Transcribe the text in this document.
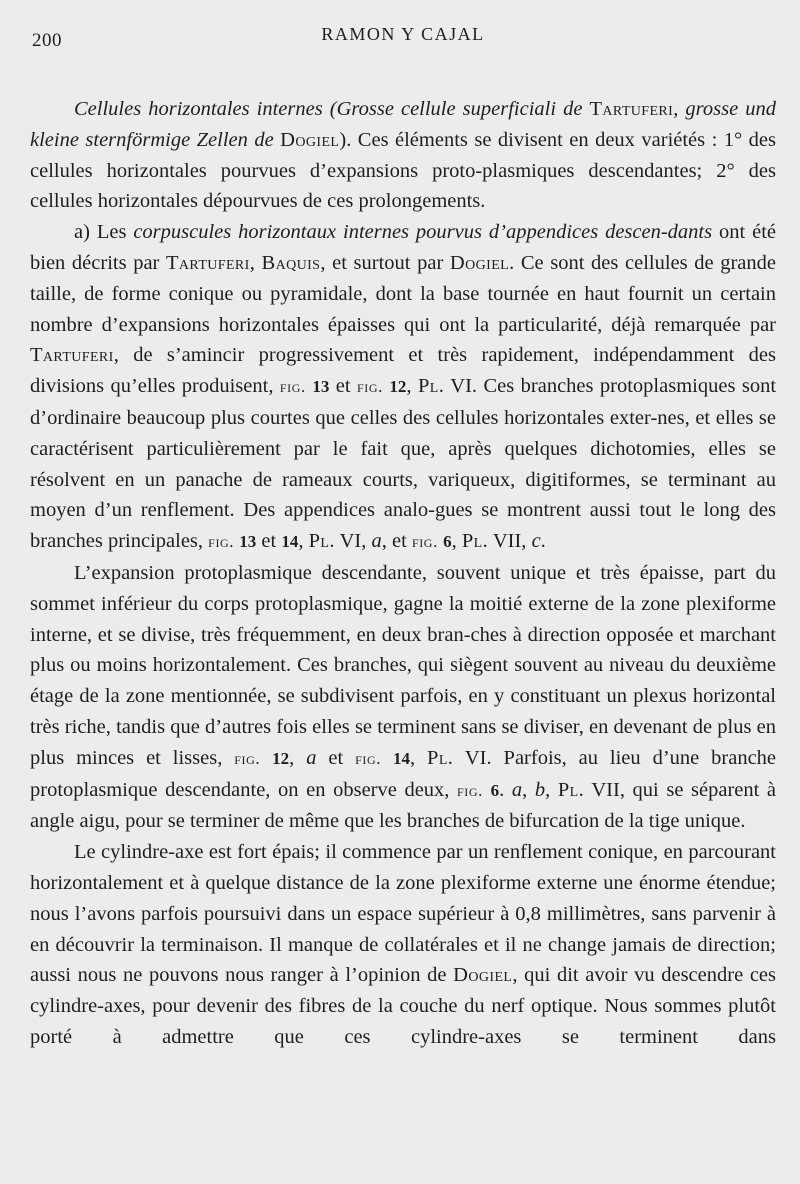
200	RAMON Y CAJAL

Cellules horizontales internes (Grosse cellule superficiali de Tartuferi, grosse und kleine sternförmige Zellen de Dogiel). Ces éléments se divisent en deux variétés : 1° des cellules horizontales pourvues d’expansions proto-plasmiques descendantes; 2° des cellules horizontales dépourvues de ces prolongements.

a) Les corpuscules horizontaux internes pourvus d’appendices descen-dants ont été bien décrits par Tartuferi, Baquis, et surtout par Dogiel. Ce sont des cellules de grande taille, de forme conique ou pyramidale, dont la base tournée en haut fournit un certain nombre d’expansions horizontales épaisses qui ont la particularité, déjà remarquée par Tartuferi, de s’amincir progressivement et très rapidement, indépendamment des divisions qu’elles produisent, fig. 13 et fig. 12, Pl. VI. Ces branches protoplasmiques sont d’ordinaire beaucoup plus courtes que celles des cellules horizontales exter-nes, et elles se caractérisent particulièrement par le fait que, après quelques dichotomies, elles se résolvent en un panache de rameaux courts, variqueux, digitiformes, se terminant au moyen d’un renflement. Des appendices analo-gues se montrent aussi tout le long des branches principales, fig. 13 et 14, Pl. VI, a, et fig. 6, Pl. VII, c.

L’expansion protoplasmique descendante, souvent unique et très épaisse, part du sommet inférieur du corps protoplasmique, gagne la moitié externe de la zone plexiforme interne, et se divise, très fréquemment, en deux bran-ches à direction opposée et marchant plus ou moins horizontalement. Ces branches, qui siègent souvent au niveau du deuxième étage de la zone mentionnée, se subdivisent parfois, en y constituant un plexus horizontal très riche, tandis que d’autres fois elles se terminent sans se diviser, en devenant de plus en plus minces et lisses, fig. 12, a et fig. 14, Pl. VI. Parfois, au lieu d’une branche protoplasmique descendante, on en observe deux, fig. 6. a, b, Pl. VII, qui se séparent à angle aigu, pour se terminer de même que les branches de bifurcation de la tige unique.

Le cylindre-axe est fort épais; il commence par un renflement conique, en parcourant horizontalement et à quelque distance de la zone plexiforme externe une énorme étendue; nous l’avons parfois poursuivi dans un espace supérieur à 0,8 millimètres, sans parvenir à en découvrir la terminaison. Il manque de collatérales et il ne change jamais de direction; aussi nous ne pouvons nous ranger à l’opinion de Dogiel, qui dit avoir vu descendre ces cylindre-axes, pour devenir des fibres de la couche du nerf optique. Nous sommes plutôt porté à admettre que ces cylindre-axes se terminent dans
